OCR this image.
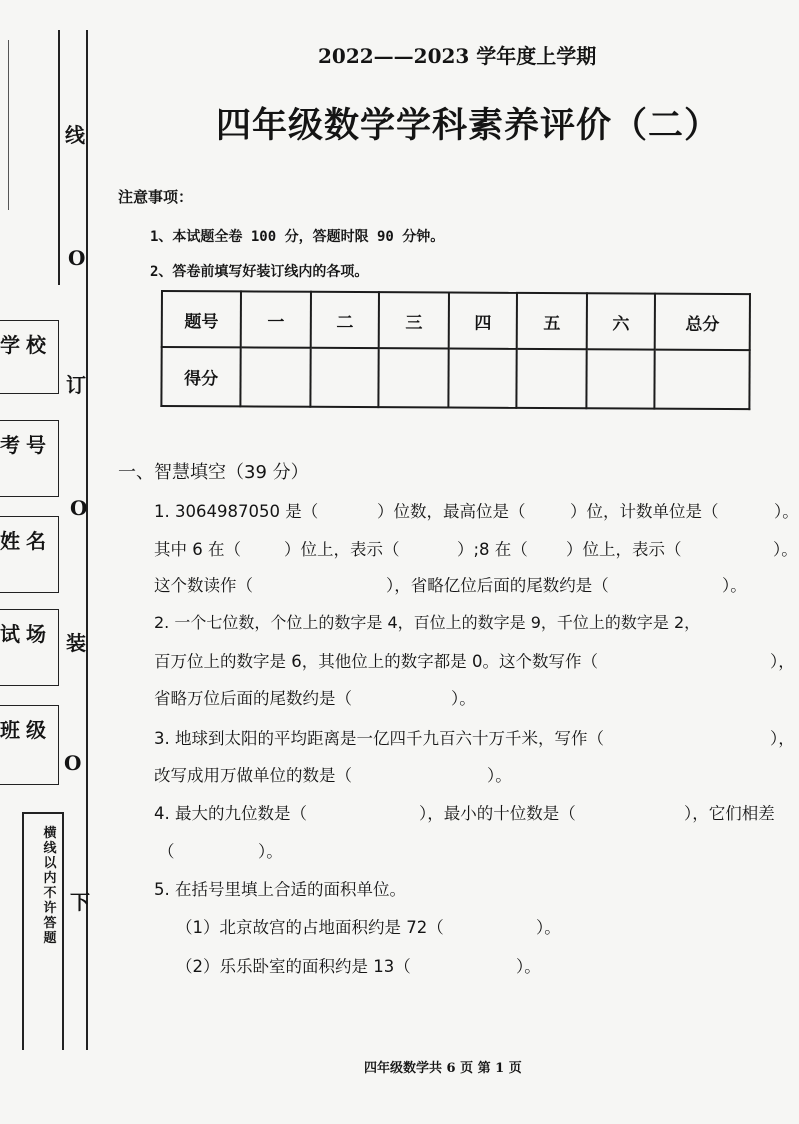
线
O
订
O
装
O
下
学校
考号
姓名
试场
班级
横
线
以
内
不
许
答
题
2022——2023 学年度上学期
四年级数学学科素养评价（二）
注意事项：
1、本试题全卷 100 分，答题时限 90 分钟。
2、答卷前填写好装订线内的各项。
题号	一	二	三	四	五	六	总分
得分							
一、智慧填空（39 分）
1. 3064987050 是（	）位数，最高位是（	）位，计数单位是（	）。
其中 6 在（	）位上，表示（	）;8 在（ ）位上，表示（	）。
这个数读作（	），省略亿位后面的尾数约是（	）。
2. 一个七位数，个位上的数字是 4，百位上的数字是 9，千位上的数字是 2，
百万位上的数字是 6，其他位上的数字都是 0。这个数写作（	），
省略万位后面的尾数约是（	）。
3. 地球到太阳的平均距离是一亿四千九百六十万千米，写作（	），
改写成用万做单位的数是（	）。
4. 最大的九位数是（	），最小的十位数是（	），它们相差
（	）。
5. 在括号里填上合适的面积单位。
（1）北京故宫的占地面积约是 72（	）。
（2）乐乐卧室的面积约是 13（	）。
四年级数学共 6 页 第 1 页
